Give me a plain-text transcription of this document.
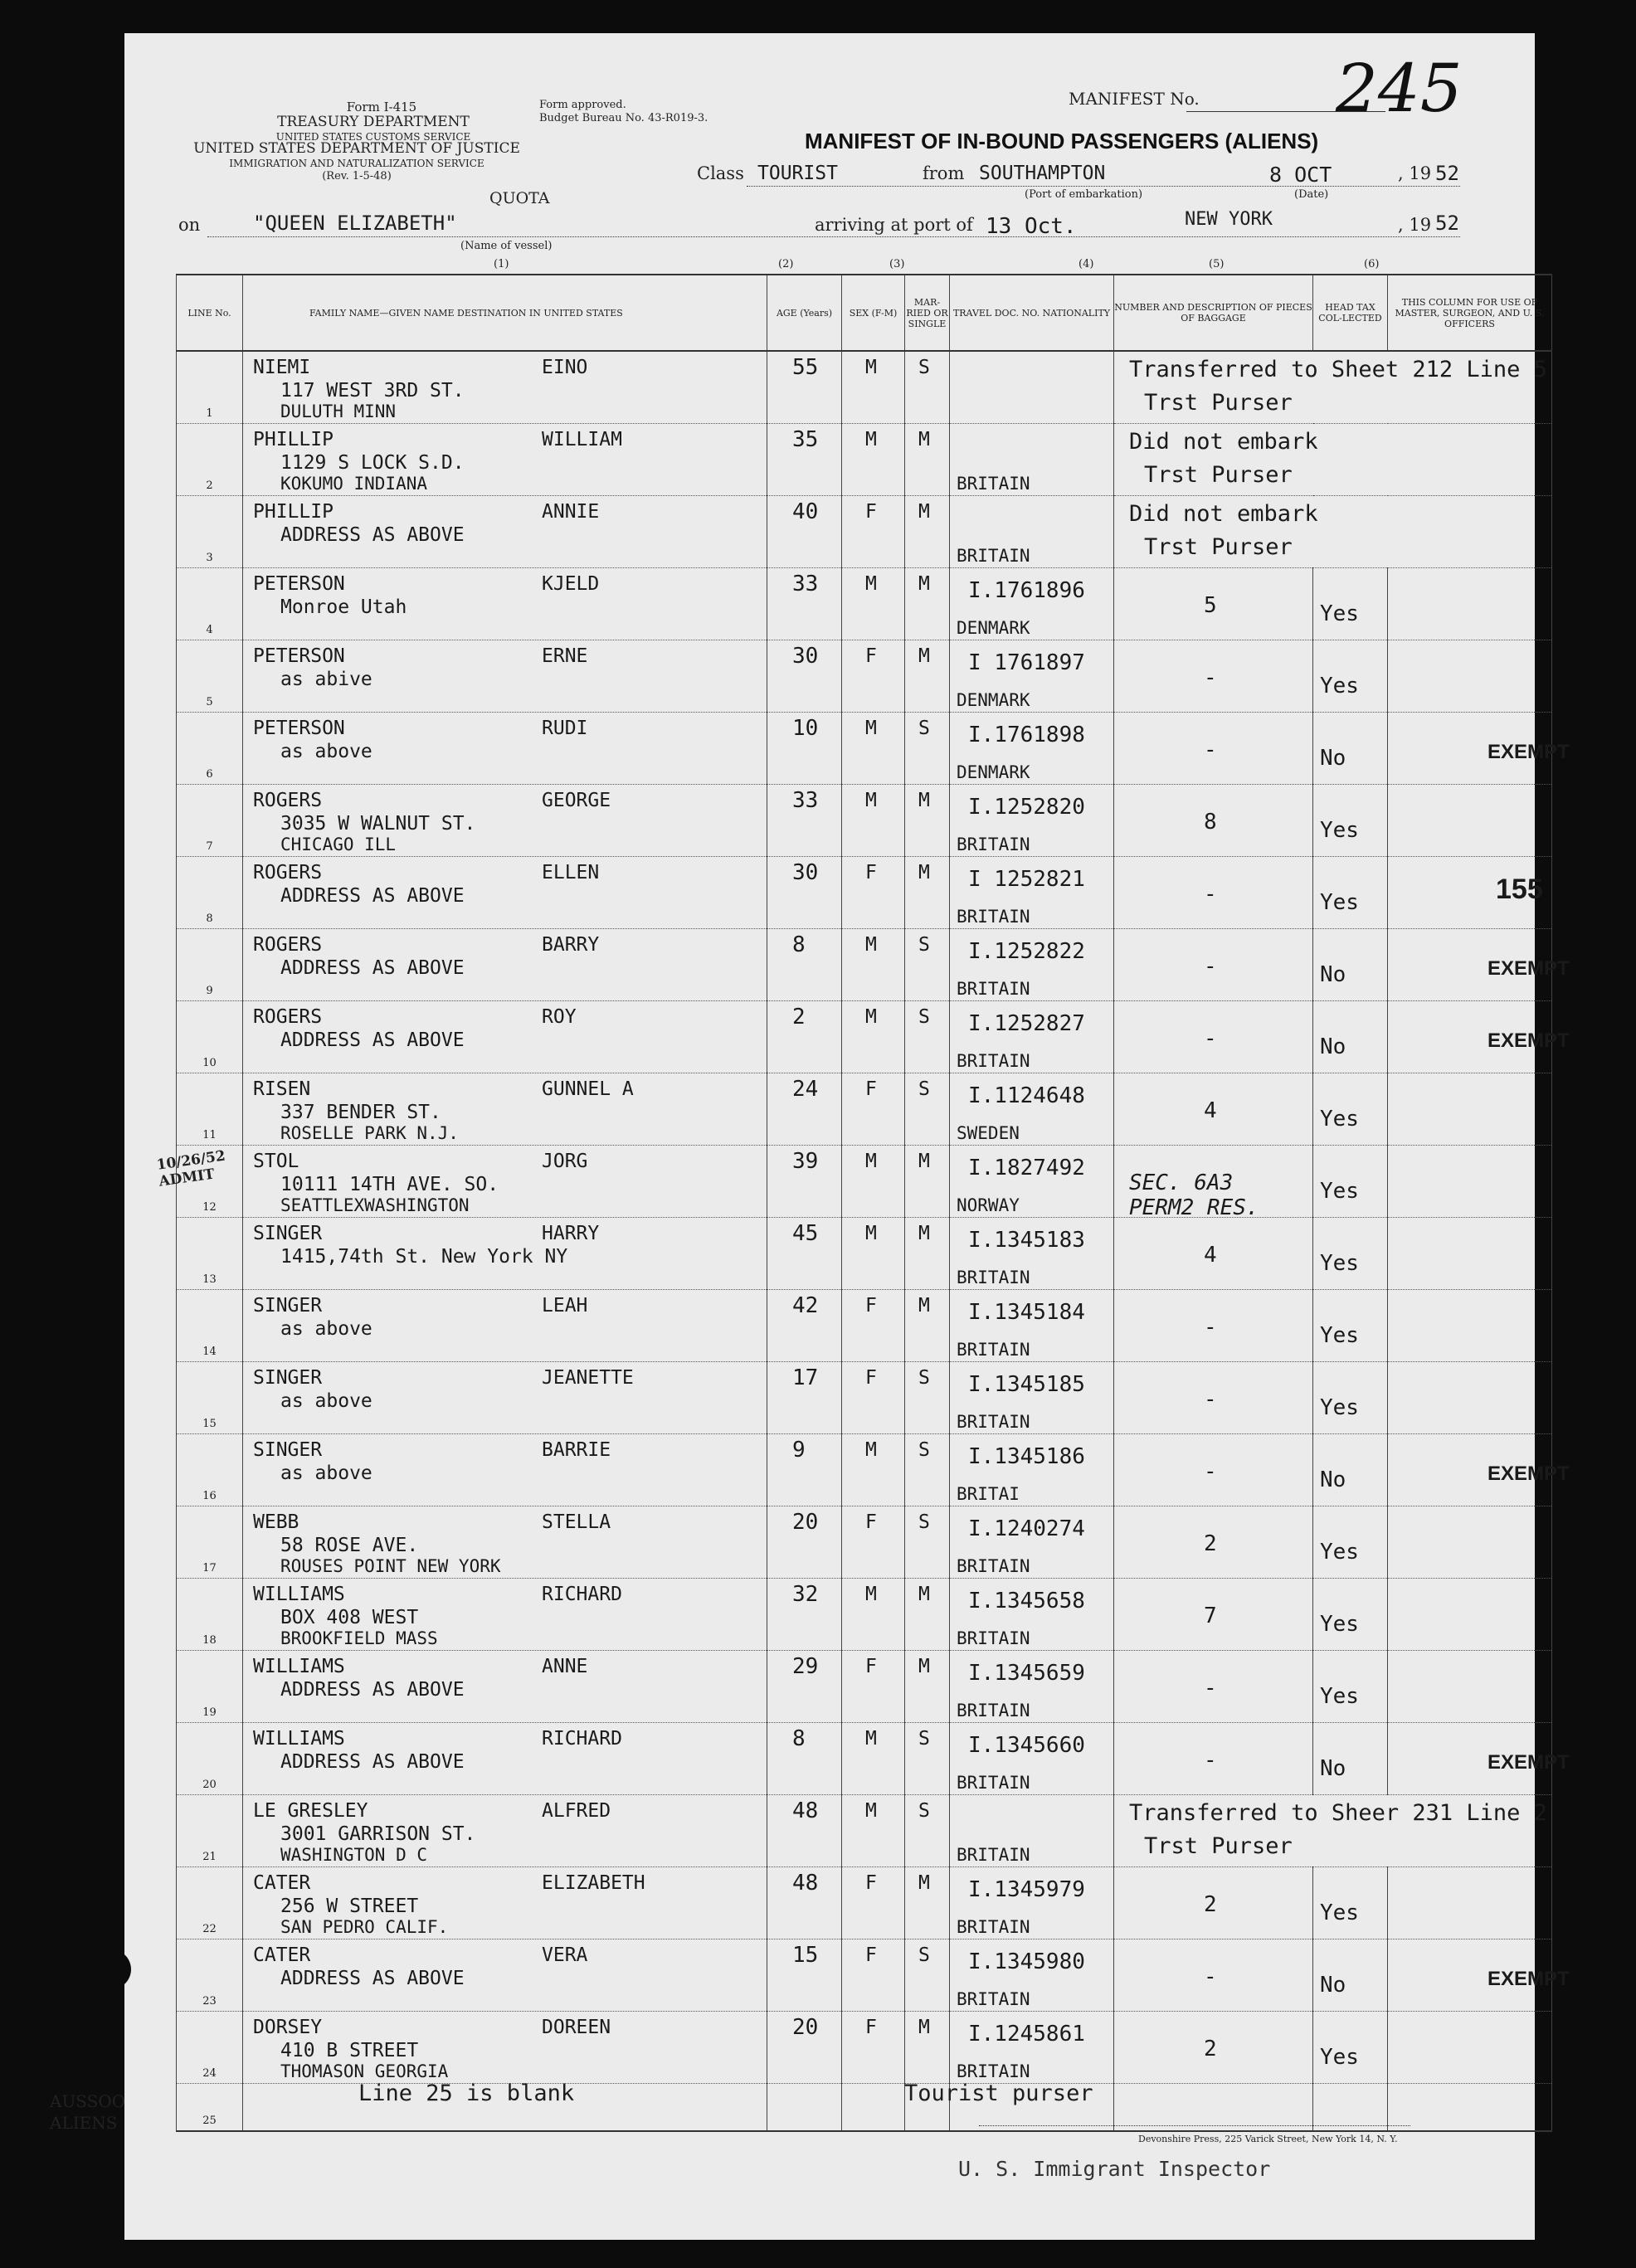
Form I-415
TREASURY DEPARTMENT
UNITED STATES CUSTOMS SERVICE
Form approved.
Budget Bureau No. 43-R019-3.
UNITED STATES DEPARTMENT OF JUSTICE
IMMIGRATION AND NATURALIZATION SERVICE
(Rev. 1-5-48)
MANIFEST No. 245
MANIFEST OF IN-BOUND PASSENGERS (ALIENS)
Class TOURIST	from SOUTHAMPTON
(Port of embarkation)
8 OCT
(Date)
, 19 52
on	"QUEEN ELIZABETH"
QUOTA
(Name of vessel)
arriving at port of 13 Oct.	NEW YORK	, 19 52
(1)	(2)	(3)	(4)	(5)	(6)
LINE No.	FAMILY NAME—GIVEN NAME DESTINATION IN UNITED STATES	AGE (Years)	SEX (F-M)	MAR-RIED OR SINGLE	TRAVEL DOC. NO. NATIONALITY	NUMBER AND DESCRIPTION OF PIECES OF BAGGAGE	HEAD TAX COL-LECTED	THIS COLUMN FOR USE OF MASTER, SURGEON, AND U. S. OFFICERS

1	NIEMI EINO
117 WEST 3RD ST.
DULUTH MINN	55	M	S		Transferred to Sheet 212 Line 5
Trst Purser		

2	PHILLIP WILLIAM
1129 S LOCK S.D.
KOKUMO INDIANA	35	M	M	BRITAIN	Did not embark
Trst Purser		

3	PHILLIP ANNIE
ADDRESS AS ABOVE	40	F	M	BRITAIN	Did not embark
Trst Purser		

4	PETERSON KJELD
Monroe Utah	33	M	M	I.1761896
DENMARK	5	Yes	

5	PETERSON ERNE
as abive	30	F	M	I 1761897
DENMARK	-	Yes	

6	PETERSON RUDI
as above	10	M	S	I.1761898
DENMARK	-	No	EXEMPT

7	ROGERS GEORGE
3035 W WALNUT ST.
CHICAGO ILL	33	M	M	I.1252820
BRITAIN	8	Yes	

8	ROGERS ELLEN
ADDRESS AS ABOVE	30	F	M	I 1252821
BRITAIN	-	Yes	155

9	ROGERS BARRY
ADDRESS AS ABOVE	8	M	S	I.1252822
BRITAIN	-	No	EXEMPT

10	ROGERS ROY
ADDRESS AS ABOVE	2	M	S	I.1252827
BRITAIN	-	No	EXEMPT

11	RISEN GUNNEL A
337 BENDER ST.
ROSELLE PARK N.J.	24	F	S	I.1124648
SWEDEN	4	Yes	

12	STOL JORG
10111 14TH AVE. SO.
SEATTLEXWASHINGTON	39	M	M	I.1827492
NORWAY	SEC. 6A3 PERM2 RES.	Yes	

13	SINGER HARRY
1415,74th St. New York NY	45	M	M	I.1345183
BRITAIN	4	Yes	

14	SINGER LEAH
as above	42	F	M	I.1345184
BRITAIN	-	Yes	

15	SINGER JEANETTE
as above	17	F	S	I.1345185
BRITAIN	-	Yes	

16	SINGER BARRIE
as above	9	M	S	I.1345186
BRITAI	-	No	EXEMPT

17	WEBB STELLA
58 ROSE AVE.
ROUSES POINT NEW YORK	20	F	S	I.1240274
BRITAIN	2	Yes	

18	WILLIAMS RICHARD
BOX 408 WEST
BROOKFIELD MASS	32	M	M	I.1345658
BRITAIN	7	Yes	

19	WILLIAMS ANNE
ADDRESS AS ABOVE	29	F	M	I.1345659
BRITAIN	-	Yes	

20	WILLIAMS RICHARD
ADDRESS AS ABOVE	8	M	S	I.1345660
BRITAIN	-	No	EXEMPT

21	LE GRESLEY ALFRED
3001 GARRISON ST.
WASHINGTON D C	48	M	S	BRITAIN	Transferred to Sheer 231 Line 2
Trst Purser		

22	CATER ELIZABETH
256 W STREET
SAN PEDRO CALIF.	48	F	M	I.1345979
BRITAIN	2	Yes	

23	CATER VERA
ADDRESS AS ABOVE	15	F	S	I.1345980
BRITAIN	-	No	EXEMPT

24	DORSEY DOREEN
410 B STREET
THOMASON GEORGIA	20	F	M	I.1245861
BRITAIN	2	Yes	

25								

Line 25 is blank	Tourist purser
Devonshire Press, 225 Varick Street, New York 14, N. Y.
U. S. Immigrant Inspector
AUSSOO ALIENS
10/26/52 ADMIT
